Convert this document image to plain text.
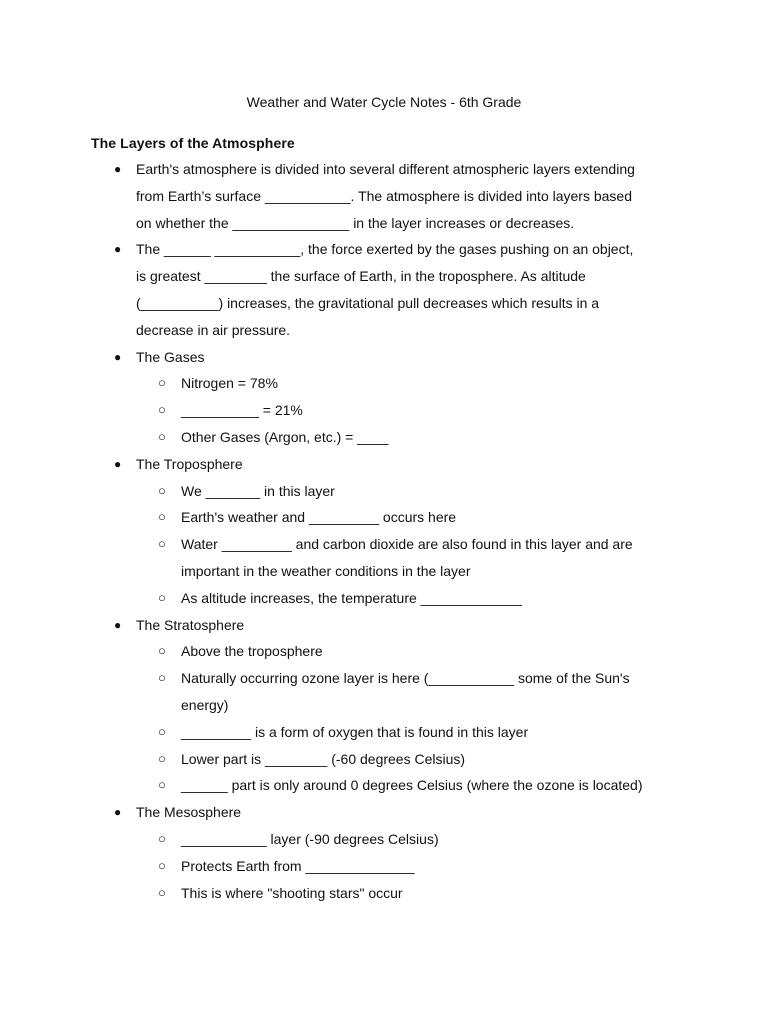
Weather and Water Cycle Notes - 6th Grade
The Layers of the Atmosphere
● Earth's atmosphere is divided into several different atmospheric layers extending
from Earth’s surface ___________. The atmosphere is divided into layers based
on whether the _______________ in the layer increases or decreases.
● The ______ ___________, the force exerted by the gases pushing on an object,
is greatest ________ the surface of Earth, in the troposphere. As altitude
(__________) increases, the gravitational pull decreases which results in a
decrease in air pressure.
● The Gases
○ Nitrogen = 78%
○ __________ = 21%
○ Other Gases (Argon, etc.) = ____
● The Troposphere
○ We _______ in this layer
○ Earth's weather and _________ occurs here
○ Water _________ and carbon dioxide are also found in this layer and are
important in the weather conditions in the layer
○ As altitude increases, the temperature _____________
● The Stratosphere
○ Above the troposphere
○ Naturally occurring ozone layer is here (___________ some of the Sun's
energy)
○ _________ is a form of oxygen that is found in this layer
○ Lower part is ________ (-60 degrees Celsius)
○ ______ part is only around 0 degrees Celsius (where the ozone is located)
● The Mesosphere
○ ___________ layer (-90 degrees Celsius)
○ Protects Earth from ______________
○ This is where "shooting stars" occur
